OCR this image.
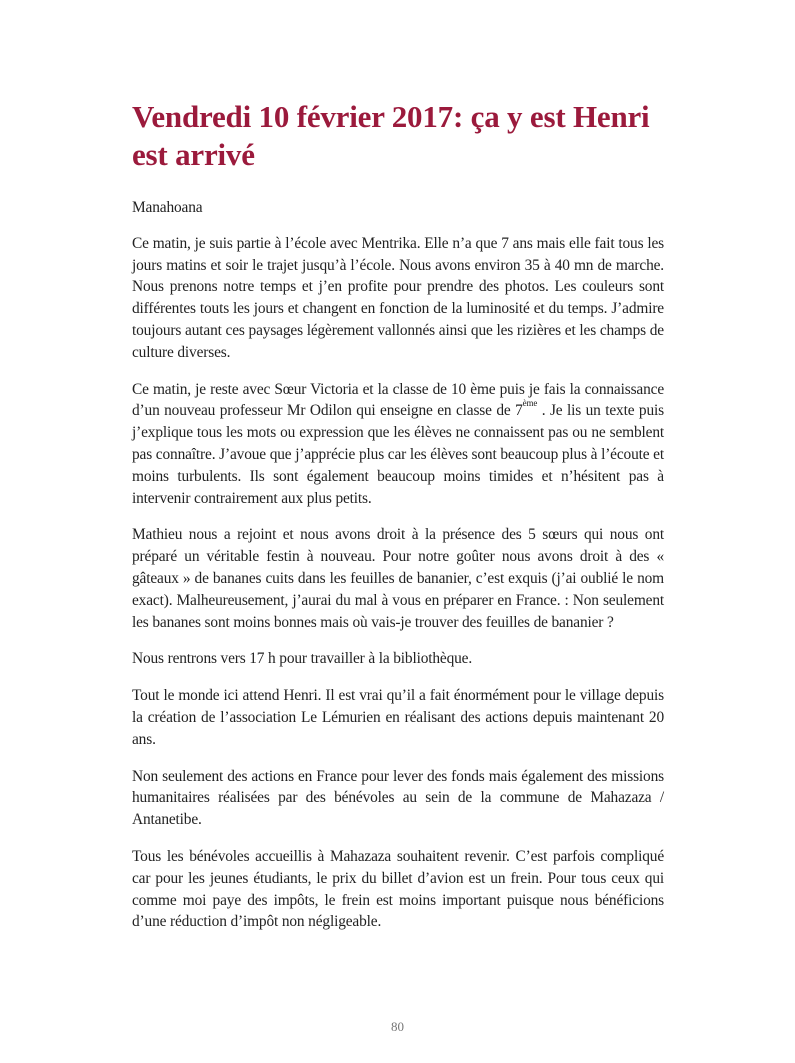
Vendredi 10 février 2017: ça y est Henri est arrivé

Manahoana

Ce matin, je suis partie à l’école avec Mentrika. Elle n’a que 7 ans mais elle fait tous les jours matins et soir le trajet jusqu’à l’école. Nous avons environ 35 à 40 mn de marche. Nous prenons notre temps et j’en profite pour prendre des photos. Les couleurs sont différentes touts les jours et changent en fonction de la luminosité et du temps. J’admire toujours autant ces paysages légèrement vallonnés ainsi que les rizières et les champs de culture diverses.

Ce matin, je reste avec Sœur Victoria et la classe de 10 ème puis je fais la connaissance d’un nouveau professeur Mr Odilon qui enseigne en classe de 7ème . Je lis un texte puis j’explique tous les mots ou expression que les élèves ne connaissent pas ou ne semblent pas connaître. J’avoue que j’apprécie plus car les élèves sont beaucoup plus à l’écoute et moins turbulents. Ils sont également beaucoup moins timides et n’hésitent pas à intervenir contrairement aux plus petits.

Mathieu nous a rejoint et nous avons droit à la présence des 5 sœurs qui nous ont préparé un véritable festin à nouveau. Pour notre goûter nous avons droit à des « gâteaux » de bananes cuits dans les feuilles de bananier, c’est exquis (j’ai oublié le nom exact). Malheureusement, j’aurai du mal à vous en préparer en France. : Non seulement les bananes sont moins bonnes mais où vais-je trouver des feuilles de bananier ?

Nous rentrons vers 17 h pour travailler à la bibliothèque.

Tout le monde ici attend Henri. Il est vrai qu’il a fait énormément pour le village depuis la création de l’association Le Lémurien en réalisant des actions depuis maintenant 20 ans.

Non seulement des actions en France pour lever des fonds mais également des missions humanitaires réalisées par des bénévoles au sein de la commune de Mahazaza / Antanetibe.

Tous les bénévoles accueillis à Mahazaza souhaitent revenir. C’est parfois compliqué car pour les jeunes étudiants, le prix du billet d’avion est un frein. Pour tous ceux qui comme moi paye des impôts, le frein est moins important puisque nous bénéficions d’une réduction d’impôt non négligeable.

80
